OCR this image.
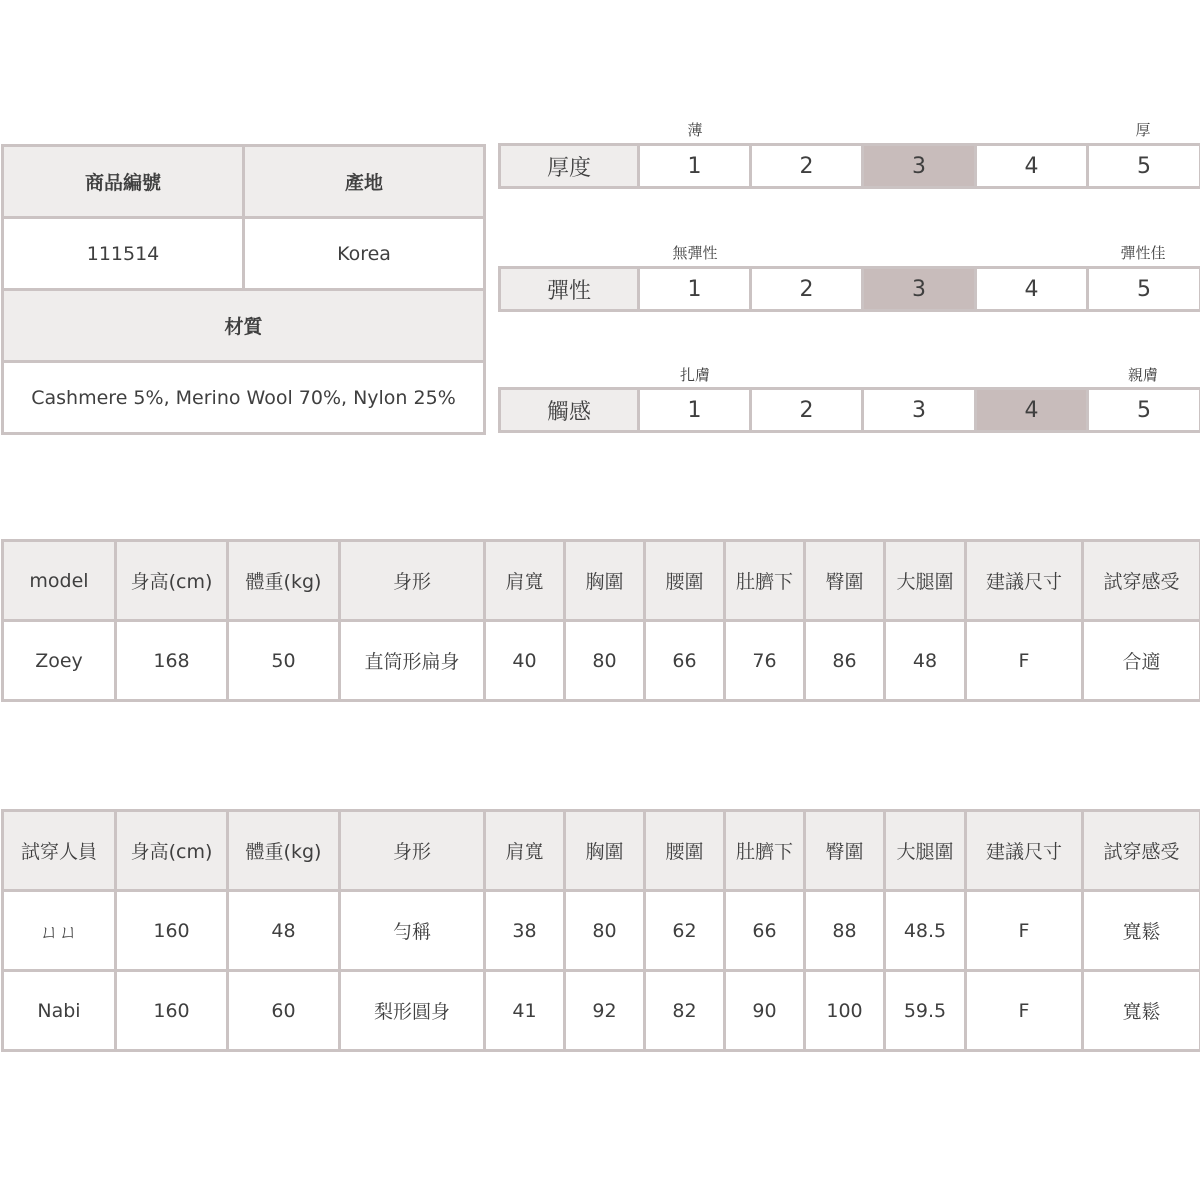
商品編號	產地
111514	Korea
材質	
Cashmere 5%, Merino Wool 70%, Nylon 25%	
薄	厚
厚度	1	2	3	4	5
無彈性	彈性佳
彈性	1	2	3	4	5
扎膚	親膚
觸感	1	2	3	4	5
model	身高(cm)	體重(kg)	身形	肩寬	胸圍	腰圍	肚臍下	臀圍	大腿圍	建議尺寸	試穿感受
Zoey	168	50	直筒形扁身	40	80	66	76	86	48	F	合適
試穿人員	身高(cm)	體重(kg)	身形	肩寬	胸圍	腰圍	肚臍下	臀圍	大腿圍	建議尺寸	試穿感受
ㄩㄩ	160	48	勻稱	38	80	62	66	88	48.5	F	寬鬆
Nabi	160	60	梨形圓身	41	92	82	90	100	59.5	F	寬鬆
